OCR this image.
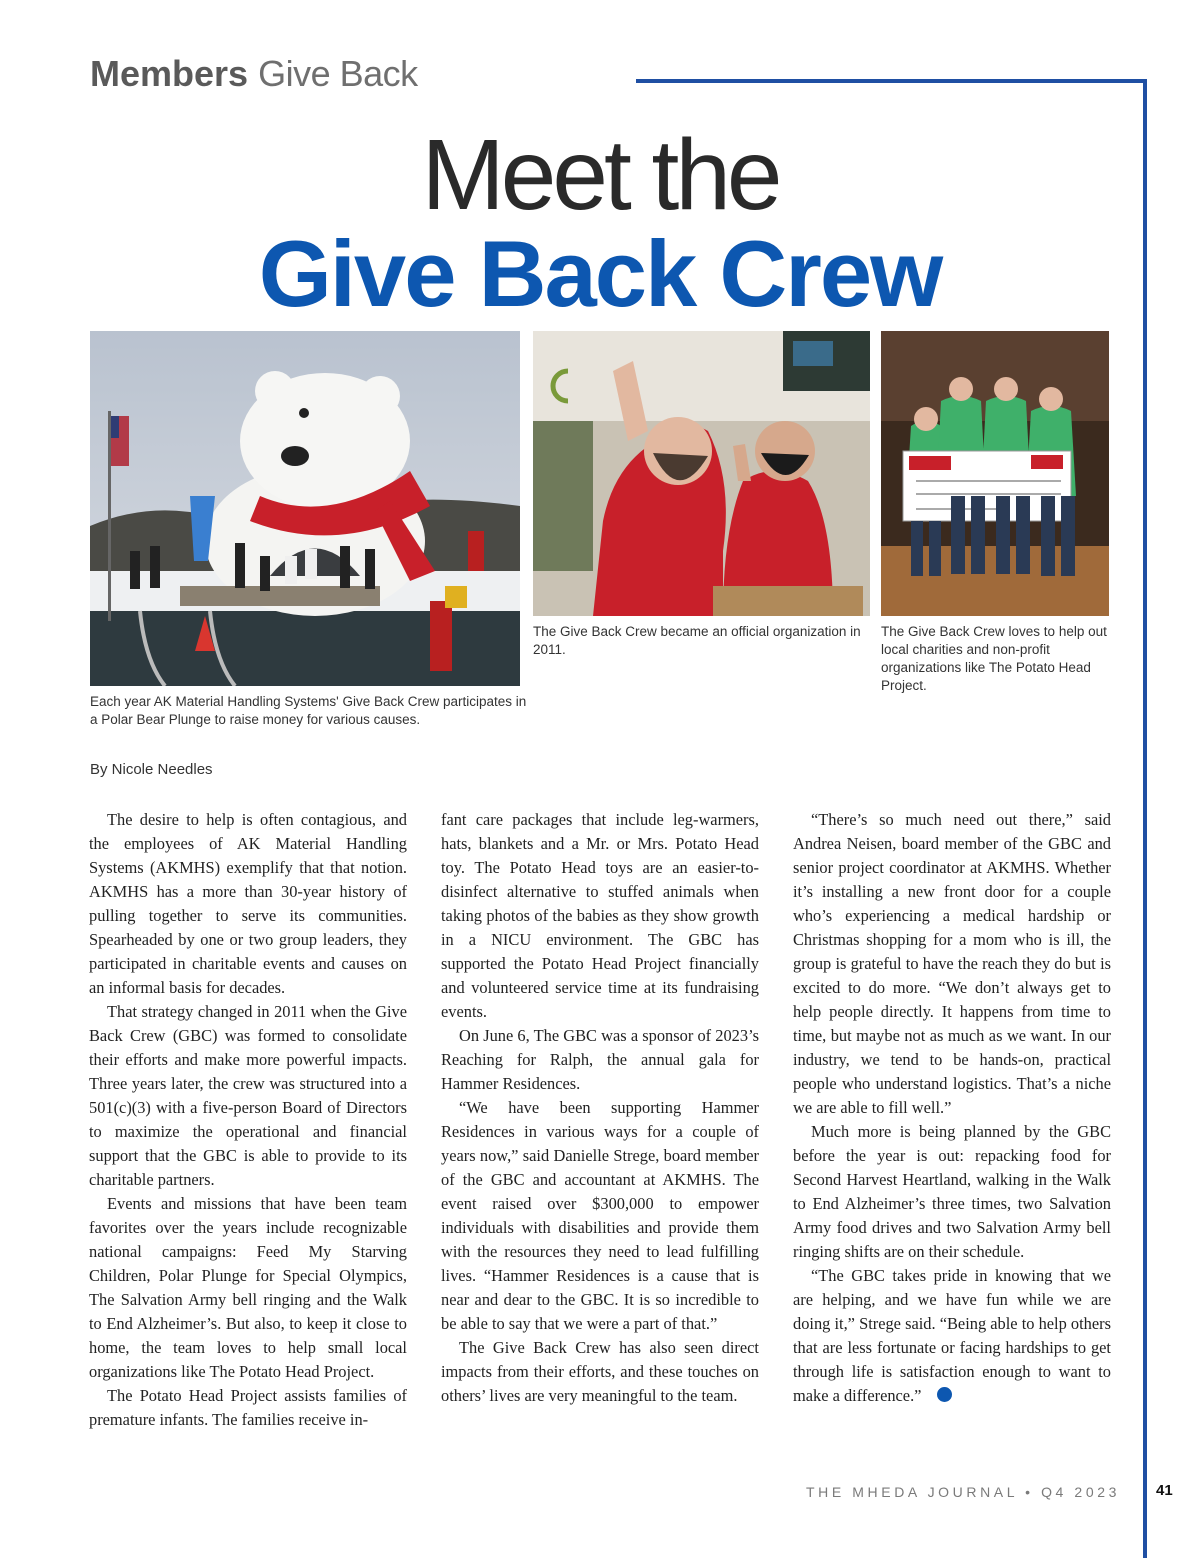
Members Give Back
Meet the
Give Back Crew
Each year AK Material Handling Systems' Give Back Crew participates in a Polar Bear Plunge to raise money for various causes.
The Give Back Crew became an official organization in 2011.
The Give Back Crew loves to help out local charities and non-profit organizations like The Potato Head Project.
By Nicole Needles

The desire to help is often contagious, and the employees of AK Material Handling Systems (AKMHS) exemplify that that notion. AKMHS has a more than 30-year history of pulling together to serve its communities. Spearheaded by one or two group leaders, they participated in charitable events and causes on an informal basis for decades.

That strategy changed in 2011 when the Give Back Crew (GBC) was formed to consolidate their efforts and make more powerful impacts. Three years later, the crew was structured into a 501(c)(3) with a five-person Board of Directors to maximize the operational and financial support that the GBC is able to provide to its charitable partners.

Events and missions that have been team favorites over the years include recognizable national campaigns: Feed My Starving Children, Polar Plunge for Special Olympics, The Salvation Army bell ringing and the Walk to End Alzheimer’s. But also, to keep it close to home, the team loves to help small local organizations like The Potato Head Project.

The Potato Head Project assists families of premature infants. The families receive in-

fant care packages that include leg-warmers, hats, blankets and a Mr. or Mrs. Potato Head toy. The Potato Head toys are an easier-to-disinfect alternative to stuffed animals when taking photos of the babies as they show growth in a NICU environment. The GBC has supported the Potato Head Project financially and volunteered service time at its fundraising events.

On June 6, The GBC was a sponsor of 2023’s Reaching for Ralph, the annual gala for Hammer Residences.

“We have been supporting Hammer Residences in various ways for a couple of years now,” said Danielle Strege, board member of the GBC and accountant at AKMHS. The event raised over $300,000 to empower individuals with disabilities and provide them with the resources they need to lead fulfilling lives. “Hammer Residences is a cause that is near and dear to the GBC. It is so incredible to be able to say that we were a part of that.”

The Give Back Crew has also seen direct impacts from their efforts, and these touches on others’ lives are very meaningful to the team.

“There’s so much need out there,” said Andrea Neisen, board member of the GBC and senior project coordinator at AKMHS. Whether it’s installing a new front door for a couple who’s experiencing a medical hardship or Christmas shopping for a mom who is ill, the group is grateful to have the reach they do but is excited to do more. “We don’t always get to help people directly. It happens from time to time, but maybe not as much as we want. In our industry, we tend to be hands-on, practical people who understand logistics. That’s a niche we are able to fill well.”

Much more is being planned by the GBC before the year is out: repacking food for Second Harvest Heartland, walking in the Walk to End Alzheimer’s three times, two Salvation Army food drives and two Salvation Army bell ringing shifts are on their schedule.

“The GBC takes pride in knowing that we are helping, and we have fun while we are doing it,” Strege said. “Being able to help others that are less fortunate or facing hardships to get through life is satisfaction enough to want to make a difference.”

THE MHEDA JOURNAL • Q4 2023 41
